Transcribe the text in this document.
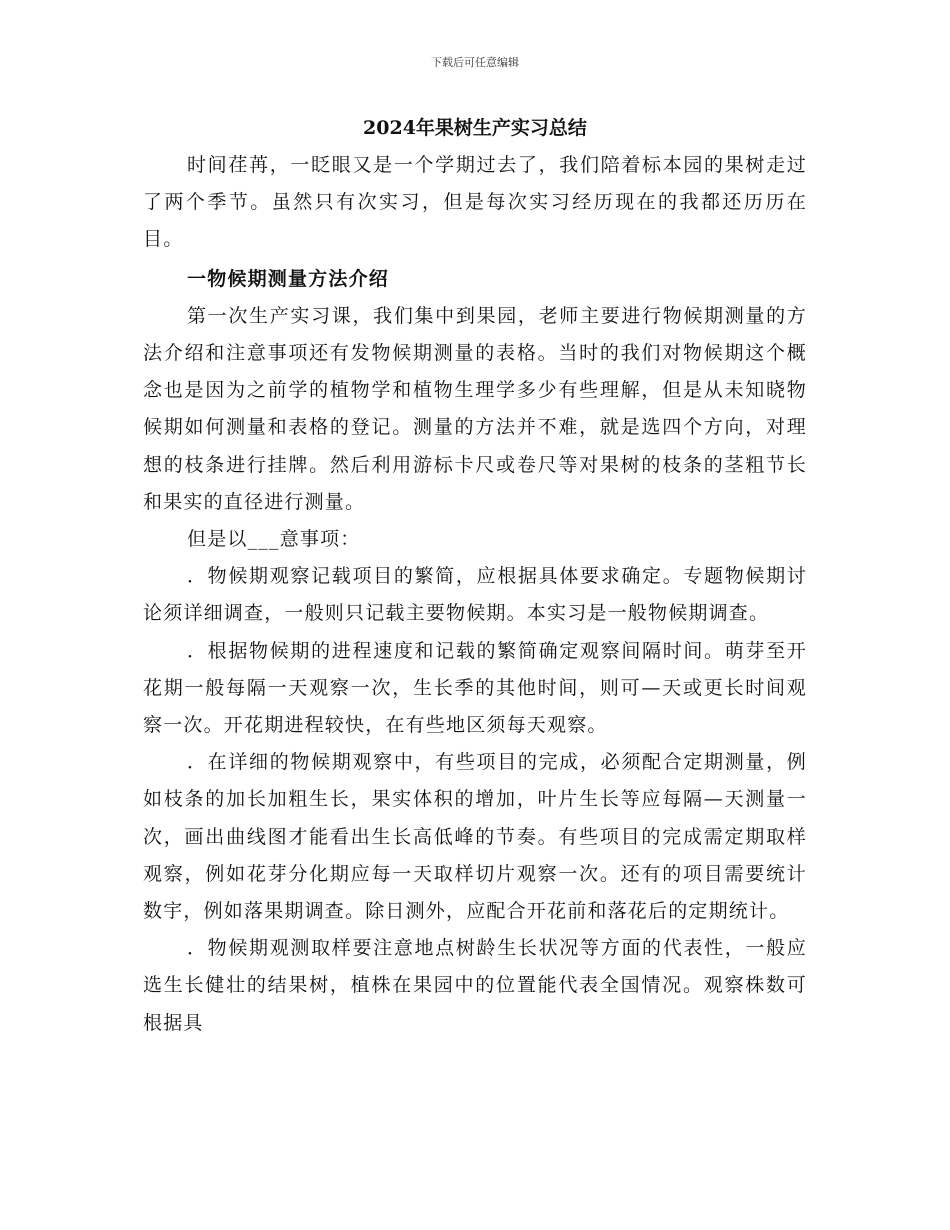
下载后可任意编辑
2024年果树生产实习总结

时间荏苒，一眨眼又是一个学期过去了，我们陪着标本园的果树走过了两个季节。虽然只有次实习，但是每次实习经历现在的我都还历历在目。

一物候期测量方法介绍

第一次生产实习课，我们集中到果园，老师主要进行物候期测量的方法介绍和注意事项还有发物候期测量的表格。当时的我们对物候期这个概念也是因为之前学的植物学和植物生理学多少有些理解，但是从未知晓物候期如何测量和表格的登记。测量的方法并不难，就是选四个方向，对理想的枝条进行挂牌。然后利用游标卡尺或卷尺等对果树的枝条的茎粗节长和果实的直径进行测量。

但是以___意事项：

．物候期观察记载项目的繁简，应根据具体要求确定。专题物候期讨论须详细调查，一般则只记载主要物候期。本实习是一般物候期调查。

．根据物候期的进程速度和记载的繁简确定观察间隔时间。萌芽至开花期一般每隔一天观察一次，生长季的其他时间，则可—天或更长时间观察一次。开花期进程较快，在有些地区须每天观察。

．在详细的物候期观察中，有些项目的完成，必须配合定期测量，例如枝条的加长加粗生长，果实体积的增加，叶片生长等应每隔—天测量一次，画出曲线图才能看出生长高低峰的节奏。有些项目的完成需定期取样观察，例如花芽分化期应每一天取样切片观察一次。还有的项目需要统计数宇，例如落果期调查。除日测外，应配合开花前和落花后的定期统计。

．物候期观测取样要注意地点树龄生长状况等方面的代表性，一般应选生长健壮的结果树，植株在果园中的位置能代表全国情况。观察株数可根据具
